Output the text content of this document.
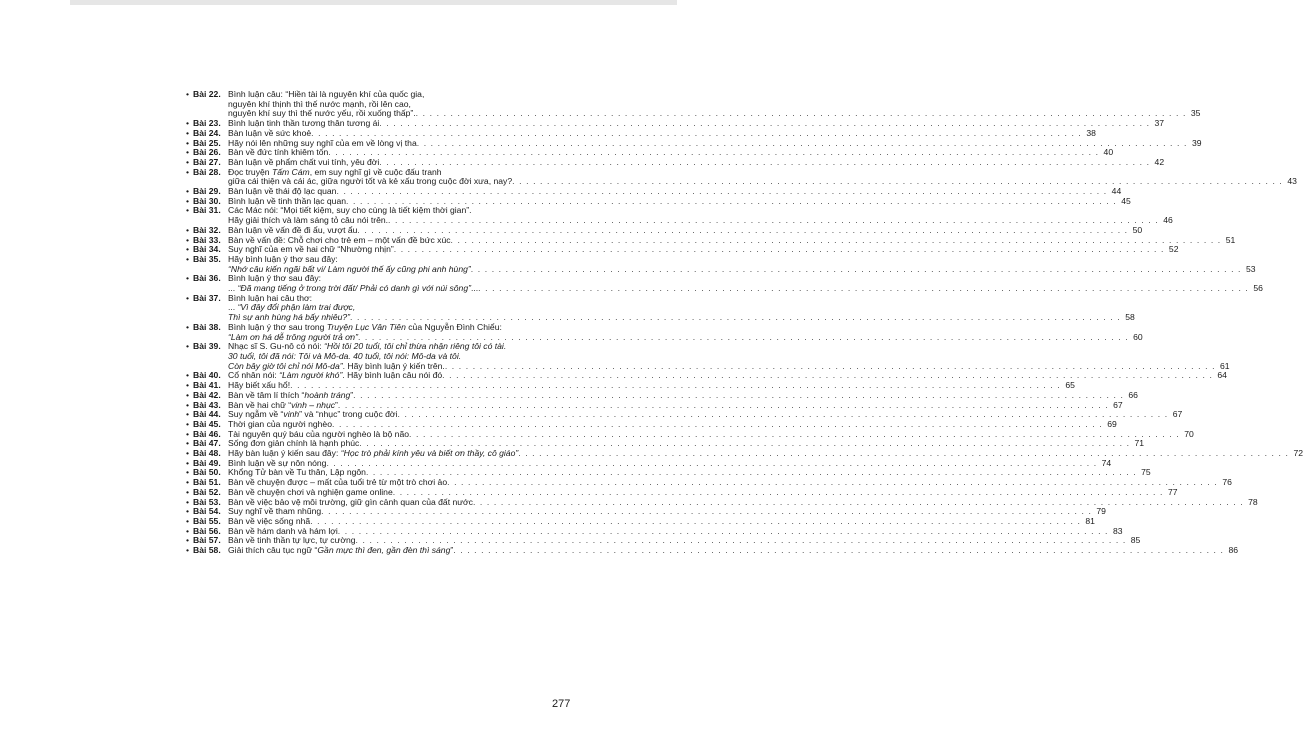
• Bài 22. Bình luận câu: “Hiền tài là nguyên khí của quốc gia,
nguyên khí thịnh thì thế nước mạnh, rồi lên cao,
nguyên khí suy thì thế nước yếu, rồi xuống thấp”. . . . . . . . . . . . . . . . . . . . . . . . . . . . . . . . . . . . . . . . . . . . . . . . . . . . . . . . . . . . . . . . . . . . . . . . . . . . . . . . . . . . . . . . . . . . . . . . . . . . . . . . . . . . . . . . 35
• Bài 23. Bình luận tinh thần tương thân tương ái . . . . . . . . . . . . . . . . . . . . . . . . . . . . . . . . . . . . . . . . . . . . . . . . . . . . . . . . . . . . . . . . . . . . . . . . . . . . . . . . . . . . . . . . . . . . . . . . . . . . . . . . . . . . . . . 37
• Bài 24. Bàn luận về sức khoẻ . . . . . . . . . . . . . . . . . . . . . . . . . . . . . . . . . . . . . . . . . . . . . . . . . . . . . . . . . . . . . . . . . . . . . . . . . . . . . . . . . . . . . . . . . . . . . . . . . . . . . . . . . . . . . . . 38
• Bài 25. Hãy nói lên những suy nghĩ của em về lòng vị tha . . . . . . . . . . . . . . . . . . . . . . . . . . . . . . . . . . . . . . . . . . . . . . . . . . . . . . . . . . . . . . . . . . . . . . . . . . . . . . . . . . . . . . . . . . . . . . . . . . . . . . . . . . . . . . . 39
• Bài 26. Bàn về đức tính khiêm tốn . . . . . . . . . . . . . . . . . . . . . . . . . . . . . . . . . . . . . . . . . . . . . . . . . . . . . . . . . . . . . . . . . . . . . . . . . . . . . . . . . . . . . . . . . . . . . . . . . . . . . . . . . . . . . . . 40
• Bài 27. Bàn luận về phẩm chất vui tính, yêu đời . . . . . . . . . . . . . . . . . . . . . . . . . . . . . . . . . . . . . . . . . . . . . . . . . . . . . . . . . . . . . . . . . . . . . . . . . . . . . . . . . . . . . . . . . . . . . . . . . . . . . . . . . . . . . . . 42
• Bài 28. Đọc truyện Tấm Cám, em suy nghĩ gì về cuộc đấu tranh
giữa cái thiện và cái ác, giữa người tốt và kẻ xấu trong cuộc đời xưa, nay? . . . . . . . . . . . . . . . . . . . . . . . . . . . . . . . . . . . . . . . . . . . . . . . . . . . . . . . . . . . . . . . . . . . . . . . . . . . . . . . . . . . . . . . . . . . . . . . . . . . . . . . . . . . . . . . 43
• Bài 29. Bàn luận về thái độ lạc quan . . . . . . . . . . . . . . . . . . . . . . . . . . . . . . . . . . . . . . . . . . . . . . . . . . . . . . . . . . . . . . . . . . . . . . . . . . . . . . . . . . . . . . . . . . . . . . . . . . . . . . . . . . . . . . . 44
• Bài 30. Bình luận về tinh thần lạc quan . . . . . . . . . . . . . . . . . . . . . . . . . . . . . . . . . . . . . . . . . . . . . . . . . . . . . . . . . . . . . . . . . . . . . . . . . . . . . . . . . . . . . . . . . . . . . . . . . . . . . . . . . . . . . . . 45
• Bài 31. Các Mác nói: “Mọi tiết kiệm, suy cho cùng là tiết kiệm thời gian”.
Hãy giải thích và làm sáng tỏ câu nói trên. . . . . . . . . . . . . . . . . . . . . . . . . . . . . . . . . . . . . . . . . . . . . . . . . . . . . . . . . . . . . . . . . . . . . . . . . . . . . . . . . . . . . . . . . . . . . . . . . . . . . . . . . . . . . . . . 46
• Bài 32. Bàn luận về vấn đề đi ẩu, vượt ẩu . . . . . . . . . . . . . . . . . . . . . . . . . . . . . . . . . . . . . . . . . . . . . . . . . . . . . . . . . . . . . . . . . . . . . . . . . . . . . . . . . . . . . . . . . . . . . . . . . . . . . . . . . . . . . . . 50
• Bài 33. Bàn về vấn đề: Chỗ chơi cho trẻ em – một vấn đề bức xúc . . . . . . . . . . . . . . . . . . . . . . . . . . . . . . . . . . . . . . . . . . . . . . . . . . . . . . . . . . . . . . . . . . . . . . . . . . . . . . . . . . . . . . . . . . . . . . . . . . . . . . . . . . . . . . . 51
• Bài 34. Suy nghĩ của em về hai chữ “Nhường nhịn” . . . . . . . . . . . . . . . . . . . . . . . . . . . . . . . . . . . . . . . . . . . . . . . . . . . . . . . . . . . . . . . . . . . . . . . . . . . . . . . . . . . . . . . . . . . . . . . . . . . . . . . . . . . . . . . 52
• Bài 35. Hãy bình luận ý thơ sau đây:
“Nhớ câu kiến ngãi bất vi/ Làm người thế ấy cũng phi anh hùng” . . . . . . . . . . . . . . . . . . . . . . . . . . . . . . . . . . . . . . . . . . . . . . . . . . . . . . . . . . . . . . . . . . . . . . . . . . . . . . . . . . . . . . . . . . . . . . . . . . . . . . . . . . . . . . . 53
• Bài 36. Bình luận ý thơ sau đây:
... “Đã mang tiếng ở trong trời đất/ Phải có danh gì với núi sông”... . . . . . . . . . . . . . . . . . . . . . . . . . . . . . . . . . . . . . . . . . . . . . . . . . . . . . . . . . . . . . . . . . . . . . . . . . . . . . . . . . . . . . . . . . . . . . . . . . . . . . . . . . . . . . . . 56
• Bài 37. Bình luận hai câu thơ:
... “Vì đây đổi phận làm trai được,
Thì sự anh hùng há bấy nhiêu?” . . . . . . . . . . . . . . . . . . . . . . . . . . . . . . . . . . . . . . . . . . . . . . . . . . . . . . . . . . . . . . . . . . . . . . . . . . . . . . . . . . . . . . . . . . . . . . . . . . . . . . . . . . . . . . . 58
• Bài 38. Bình luận ý thơ sau trong Truyện Lục Vân Tiên của Nguyễn Đình Chiểu:
“Làm ơn há dễ trông người trả ơn” . . . . . . . . . . . . . . . . . . . . . . . . . . . . . . . . . . . . . . . . . . . . . . . . . . . . . . . . . . . . . . . . . . . . . . . . . . . . . . . . . . . . . . . . . . . . . . . . . . . . . . . . . . . . . . . 60
• Bài 39. Nhạc sĩ S. Gu-nô có nói: “Hồi tôi 20 tuổi, tôi chỉ thừa nhận riêng tôi có tài.
30 tuổi, tôi đã nói: Tôi và Mô-da. 40 tuổi, tôi nói: Mô-da và tôi.
Còn bây giờ tôi chỉ nói Mô-da”. Hãy bình luận ý kiến trên. . . . . . . . . . . . . . . . . . . . . . . . . . . . . . . . . . . . . . . . . . . . . . . . . . . . . . . . . . . . . . . . . . . . . . . . . . . . . . . . . . . . . . . . . . . . . . . . . . . . . . . . . . . . . . . . 61
• Bài 40. Cổ nhân nói: “Làm người khó”. Hãy bình luận câu nói đó . . . . . . . . . . . . . . . . . . . . . . . . . . . . . . . . . . . . . . . . . . . . . . . . . . . . . . . . . . . . . . . . . . . . . . . . . . . . . . . . . . . . . . . . . . . . . . . . . . . . . . . . . . . . . . . 64
• Bài 41. Hãy biết xấu hổ! . . . . . . . . . . . . . . . . . . . . . . . . . . . . . . . . . . . . . . . . . . . . . . . . . . . . . . . . . . . . . . . . . . . . . . . . . . . . . . . . . . . . . . . . . . . . . . . . . . . . . . . . . . . . . . . 65
• Bài 42. Bàn về tâm lí thích “hoành tráng” . . . . . . . . . . . . . . . . . . . . . . . . . . . . . . . . . . . . . . . . . . . . . . . . . . . . . . . . . . . . . . . . . . . . . . . . . . . . . . . . . . . . . . . . . . . . . . . . . . . . . . . . . . . . . . . 66
• Bài 43. Bàn về hai chữ “vinh – nhục” . . . . . . . . . . . . . . . . . . . . . . . . . . . . . . . . . . . . . . . . . . . . . . . . . . . . . . . . . . . . . . . . . . . . . . . . . . . . . . . . . . . . . . . . . . . . . . . . . . . . . . . . . . . . . . . 67
• Bài 44. Suy ngẫm về “vinh” và “nhục” trong cuộc đời . . . . . . . . . . . . . . . . . . . . . . . . . . . . . . . . . . . . . . . . . . . . . . . . . . . . . . . . . . . . . . . . . . . . . . . . . . . . . . . . . . . . . . . . . . . . . . . . . . . . . . . . . . . . . . . 67
• Bài 45. Thời gian của người nghèo . . . . . . . . . . . . . . . . . . . . . . . . . . . . . . . . . . . . . . . . . . . . . . . . . . . . . . . . . . . . . . . . . . . . . . . . . . . . . . . . . . . . . . . . . . . . . . . . . . . . . . . . . . . . . . . 69
• Bài 46. Tài nguyên quý báu của người nghèo là bộ não . . . . . . . . . . . . . . . . . . . . . . . . . . . . . . . . . . . . . . . . . . . . . . . . . . . . . . . . . . . . . . . . . . . . . . . . . . . . . . . . . . . . . . . . . . . . . . . . . . . . . . . . . . . . . . . 70
• Bài 47. Sống đơn giản chính là hạnh phúc . . . . . . . . . . . . . . . . . . . . . . . . . . . . . . . . . . . . . . . . . . . . . . . . . . . . . . . . . . . . . . . . . . . . . . . . . . . . . . . . . . . . . . . . . . . . . . . . . . . . . . . . . . . . . . . 71
• Bài 48. Hãy bàn luận ý kiến sau đây: “Học trò phải kính yêu và biết ơn thầy, cô giáo” . . . . . . . . . . . . . . . . . . . . . . . . . . . . . . . . . . . . . . . . . . . . . . . . . . . . . . . . . . . . . . . . . . . . . . . . . . . . . . . . . . . . . . . . . . . . . . . . . . . . . . . . . . . . . . . 72
• Bài 49. Bình luận về sự nôn nóng . . . . . . . . . . . . . . . . . . . . . . . . . . . . . . . . . . . . . . . . . . . . . . . . . . . . . . . . . . . . . . . . . . . . . . . . . . . . . . . . . . . . . . . . . . . . . . . . . . . . . . . . . . . . . . . 74
• Bài 50. Khổng Tử bàn về Tu thân, Lập ngôn . . . . . . . . . . . . . . . . . . . . . . . . . . . . . . . . . . . . . . . . . . . . . . . . . . . . . . . . . . . . . . . . . . . . . . . . . . . . . . . . . . . . . . . . . . . . . . . . . . . . . . . . . . . . . . . 75
• Bài 51. Bàn về chuyện được – mất của tuổi trẻ từ một trò chơi ảo . . . . . . . . . . . . . . . . . . . . . . . . . . . . . . . . . . . . . . . . . . . . . . . . . . . . . . . . . . . . . . . . . . . . . . . . . . . . . . . . . . . . . . . . . . . . . . . . . . . . . . . . . . . . . . . 76
• Bài 52. Bàn về chuyện chơi và nghiện game online . . . . . . . . . . . . . . . . . . . . . . . . . . . . . . . . . . . . . . . . . . . . . . . . . . . . . . . . . . . . . . . . . . . . . . . . . . . . . . . . . . . . . . . . . . . . . . . . . . . . . . . . . . . . . . . 77
• Bài 53. Bàn về việc bảo vệ môi trường, giữ gìn cảnh quan của đất nước . . . . . . . . . . . . . . . . . . . . . . . . . . . . . . . . . . . . . . . . . . . . . . . . . . . . . . . . . . . . . . . . . . . . . . . . . . . . . . . . . . . . . . . . . . . . . . . . . . . . . . . . . . . . . . . 78
• Bài 54. Suy nghĩ về tham nhũng . . . . . . . . . . . . . . . . . . . . . . . . . . . . . . . . . . . . . . . . . . . . . . . . . . . . . . . . . . . . . . . . . . . . . . . . . . . . . . . . . . . . . . . . . . . . . . . . . . . . . . . . . . . . . . . 79
• Bài 55. Bàn về việc sống nhã . . . . . . . . . . . . . . . . . . . . . . . . . . . . . . . . . . . . . . . . . . . . . . . . . . . . . . . . . . . . . . . . . . . . . . . . . . . . . . . . . . . . . . . . . . . . . . . . . . . . . . . . . . . . . . . 81
• Bài 56. Bàn về hám danh và hám lợi . . . . . . . . . . . . . . . . . . . . . . . . . . . . . . . . . . . . . . . . . . . . . . . . . . . . . . . . . . . . . . . . . . . . . . . . . . . . . . . . . . . . . . . . . . . . . . . . . . . . . . . . . . . . . . . 83
• Bài 57. Bàn về tinh thần tự lực, tự cường . . . . . . . . . . . . . . . . . . . . . . . . . . . . . . . . . . . . . . . . . . . . . . . . . . . . . . . . . . . . . . . . . . . . . . . . . . . . . . . . . . . . . . . . . . . . . . . . . . . . . . . . . . . . . . . 85
• Bài 58. Giải thích câu tục ngữ “Gần mực thì đen, gần đèn thì sáng” . . . . . . . . . . . . . . . . . . . . . . . . . . . . . . . . . . . . . . . . . . . . . . . . . . . . . . . . . . . . . . . . . . . . . . . . . . . . . . . . . . . . . . . . . . . . . . . . . . . . . . . . . . . . . . . 86
277
